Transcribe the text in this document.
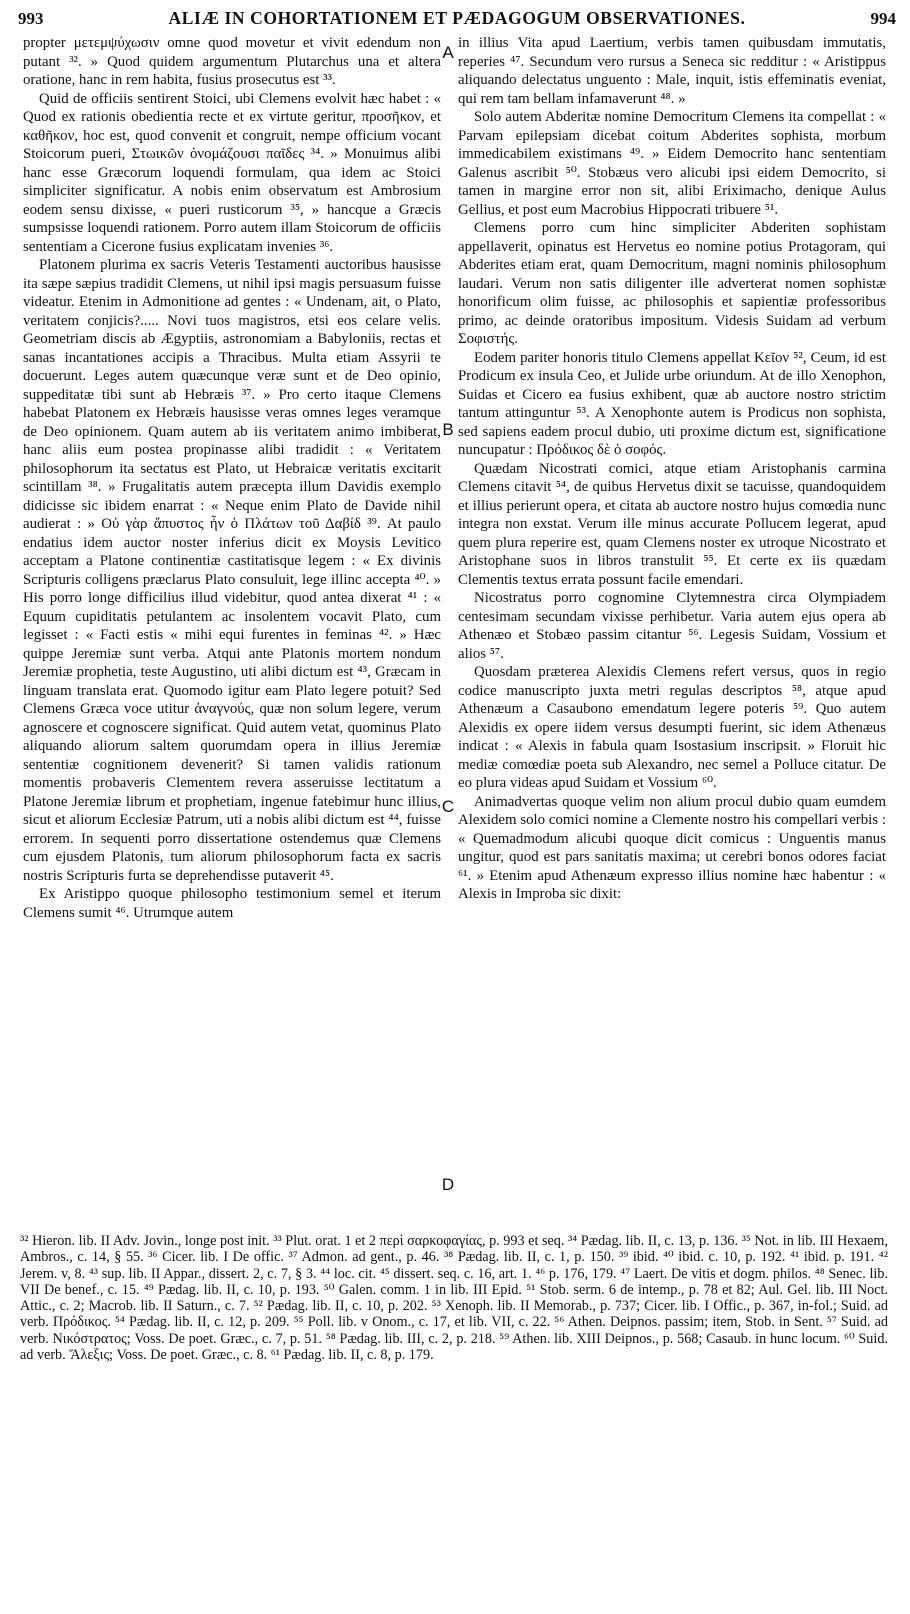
993	ALIÆ IN COHORTATIONEM ET PÆDAGOGUM OBSERVATIONES.	994

propter μετεμψύχωσιν omne quod movetur et vivit edendum non putant ³². » Quod quidem argumentum Plutarchus una et altera oratione, hanc in rem habita, fusius prosecutus est ³³.

Quid de officiis sentirent Stoici, ubi Clemens evolvit hæc habet : « Quod ex rationis obedientia recte et ex virtute geritur, προσῆκον, et καθῆκον, hoc est, quod convenit et congruit, nempe officium vocant Stoicorum pueri, Στωικῶν ὀνομάζουσι παῖδες ³⁴. » Monuimus alibi hanc esse Græcorum loquendi formulam, qua idem ac Stoici simpliciter significatur. A nobis enim observatum est Ambrosium eodem sensu dixisse, « pueri rusticorum ³⁵, » hancque a Græcis sumpsisse loquendi rationem. Porro autem illam Stoicorum de officiis sententiam a Cicerone fusius explicatam invenies ³⁶.

Platonem plurima ex sacris Veteris Testamenti auctoribus hausisse ita sæpe sæpius tradidit Clemens, ut nihil ipsi magis persuasum fuisse videatur. Etenim in Admonitione ad gentes : « Undenam, ait, o Plato, veritatem conjicis?..... Novi tuos magistros, etsi eos celare velis. Geometriam discis ab Ægyptiis, astronomiam a Babyloniis, rectas et sanas incantationes accipis a Thracibus. Multa etiam Assyrii te docuerunt. Leges autem quæcunque veræ sunt et de Deo opinio, suppeditatæ tibi sunt ab Hebræis ³⁷. » Pro certo itaque Clemens habebat Platonem ex Hebræis hausisse veras omnes leges veramque de Deo opinionem. Quam autem ab iis veritatem animo imbiberat, hanc aliis eum postea propinasse alibi tradidit : « Veritatem philosophorum ita sectatus est Plato, ut Hebraicæ veritatis excitarit scintillam ³⁸. » Frugalitatis autem præcepta illum Davidis exemplo didicisse sic ibidem enarrat : « Neque enim Plato de Davide nihil audierat : » Οὐ γὰρ ἄπυστος ἦν ὁ Πλάτων τοῦ Δαβίδ ³⁹. At paulo endatius idem auctor noster inferius dicit ex Moysis Levitico acceptam a Platone continentiæ castitatisque legem : « Ex divinis Scripturis colligens præclarus Plato consuluit, lege illinc accepta ⁴⁰. » His porro longe difficilius illud videbitur, quod antea dixerat ⁴¹ : « Equum cupiditatis petulantem ac insolentem vocavit Plato, cum legisset : « Facti estis « mihi equi furentes in feminas ⁴². » Hæc quippe Jeremiæ sunt verba. Atqui ante Platonis mortem nondum Jeremiæ prophetia, teste Augustino, uti alibi dictum est ⁴³, Græcam in linguam translata erat. Quomodo igitur eam Plato legere potuit? Sed Clemens Græca voce utitur ἀναγνούς, quæ non solum legere, verum agnoscere et cognoscere significat. Quid autem vetat, quominus Plato aliquando aliorum saltem quorumdam opera in illius Jeremiæ sententiæ cognitionem devenerit? Si tamen validis rationum momentis probaveris Clementem revera asseruisse lectitatum a Platone Jeremiæ librum et prophetiam, ingenue fatebimur hunc illius, sicut et aliorum Ecclesiæ Patrum, uti a nobis alibi dictum est ⁴⁴, fuisse errorem. In sequenti porro dissertatione ostendemus quæ Clemens cum ejusdem Platonis, tum aliorum philosophorum facta ex sacris nostris Scripturis furta se deprehendisse putaverit ⁴⁵.

Ex Aristippo quoque philosopho testimonium semel et iterum Clemens sumit ⁴⁶. Utrumque autem

A
B
C
D

in illius Vita apud Laertium, verbis tamen quibusdam immutatis, reperies ⁴⁷. Secundum vero rursus a Seneca sic redditur : « Aristippus aliquando delectatus unguento : Male, inquit, istis effeminatis eveniat, qui rem tam bellam infamaverunt ⁴⁸. »

Solo autem Abderitæ nomine Democritum Clemens ita compellat : « Parvam epilepsiam dicebat coitum Abderites sophista, morbum immedicabilem existimans ⁴⁹. » Eidem Democrito hanc sententiam Galenus ascribit ⁵⁰. Stobæus vero alicubi ipsi eidem Democrito, si tamen in margine error non sit, alibi Eriximacho, denique Aulus Gellius, et post eum Macrobius Hippocrati tribuere ⁵¹.

Clemens porro cum hinc simpliciter Abderiten sophistam appellaverit, opinatus est Hervetus eo nomine potius Protagoram, qui Abderites etiam erat, quam Democritum, magni nominis philosophum laudari. Verum non satis diligenter ille adverterat nomen sophistæ honorificum olim fuisse, ac philosophis et sapientiæ professoribus primo, ac deinde oratoribus impositum. Videsis Suidam ad verbum Σοφιστής.

Eodem pariter honoris titulo Clemens appellat Κεῖον ⁵², Ceum, id est Prodicum ex insula Ceo, et Julide urbe oriundum. At de illo Xenophon, Suidas et Cicero ea fusius exhibent, quæ ab auctore nostro strictim tantum attinguntur ⁵³. A Xenophonte autem is Prodicus non sophista, sed sapiens eadem procul dubio, uti proxime dictum est, significatione nuncupatur : Πρόδικος δὲ ὁ σοφός.

Quædam Nicostrati comici, atque etiam Aristophanis carmina Clemens citavit ⁵⁴, de quibus Hervetus dixit se tacuisse, quandoquidem et illius perierunt opera, et citata ab auctore nostro hujus comœdia nunc integra non exstat. Verum ille minus accurate Pollucem legerat, apud quem plura reperire est, quam Clemens noster ex utroque Nicostrato et Aristophane suos in libros transtulit ⁵⁵. Et certe ex iis quædam Clementis textus errata possunt facile emendari.

Nicostratus porro cognomine Clytemnestra circa Olympiadem centesimam secundam vixisse perhibetur. Varia autem ejus opera ab Athenæo et Stobæo passim citantur ⁵⁶. Legesis Suidam, Vossium et alios ⁵⁷.

Quosdam præterea Alexidis Clemens refert versus, quos in regio codice manuscripto juxta metri regulas descriptos ⁵⁸, atque apud Athenæum a Casaubono emendatum legere poteris ⁵⁹. Quo autem Alexidis ex opere iidem versus desumpti fuerint, sic idem Athenæus indicat : « Alexis in fabula quam Isostasium inscripsit. » Floruit hic mediæ comœdiæ poeta sub Alexandro, nec semel a Polluce citatur. De eo plura videas apud Suidam et Vossium ⁶⁰.

Animadvertas quoque velim non alium procul dubio quam eumdem Alexidem solo comici nomine a Clemente nostro his compellari verbis : « Quemadmodum alicubi quoque dicit comicus : Unguentis manus ungitur, quod est pars sanitatis maxima; ut cerebri bonos odores faciat ⁶¹. » Etenim apud Athenæum expresso illius nomine hæc habentur : « Alexis in Improba sic dixit:

³² Hieron. lib. II Adv. Jovin., longe post init. ³³ Plut. orat. 1 et 2 περὶ σαρκοφαγίας, p. 993 et seq. ³⁴ Pædag. lib. II, c. 13, p. 136. ³⁵ Not. in lib. III Hexaem, Ambros., c. 14, § 55. ³⁶ Cicer. lib. I De offic. ³⁷ Admon. ad gent., p. 46. ³⁸ Pædag. lib. II, c. 1, p. 150. ³⁹ ibid. ⁴⁰ ibid. c. 10, p. 192. ⁴¹ ibid. p. 191. ⁴² Jerem. v, 8. ⁴³ sup. lib. II Appar., dissert. 2, c. 7, § 3. ⁴⁴ loc. cit. ⁴⁵ dissert. seq. c. 16, art. 1. ⁴⁶ p. 176, 179. ⁴⁷ Laert. De vitis et dogm. philos. ⁴⁸ Senec. lib. VII De benef., c. 15. ⁴⁹ Pædag. lib. II, c. 10, p. 193. ⁵⁰ Galen. comm. 1 in lib. III Epid. ⁵¹ Stob. serm. 6 de intemp., p. 78 et 82; Aul. Gel. lib. III Noct. Attic., c. 2; Macrob. lib. II Saturn., c. 7. ⁵² Pædag. lib. II, c. 10, p. 202. ⁵³ Xenoph. lib. II Memorab., p. 737; Cicer. lib. I Offic., p. 367, in-fol.; Suid. ad verb. Πρόδικος. ⁵⁴ Pædag. lib. II, c. 12, p. 209. ⁵⁵ Poll. lib. v Onom., c. 17, et lib. VII, c. 22. ⁵⁶ Athen. Deipnos. passim; item, Stob. in Sent. ⁵⁷ Suid. ad verb. Νικόστρατος; Voss. De poet. Græc., c. 7, p. 51. ⁵⁸ Pædag. lib. III, c. 2, p. 218. ⁵⁹ Athen. lib. XIII Deipnos., p. 568; Casaub. in hunc locum. ⁶⁰ Suid. ad verb. Ἄλεξις; Voss. De poet. Græc., c. 8. ⁶¹ Pædag. lib. II, c. 8, p. 179.
